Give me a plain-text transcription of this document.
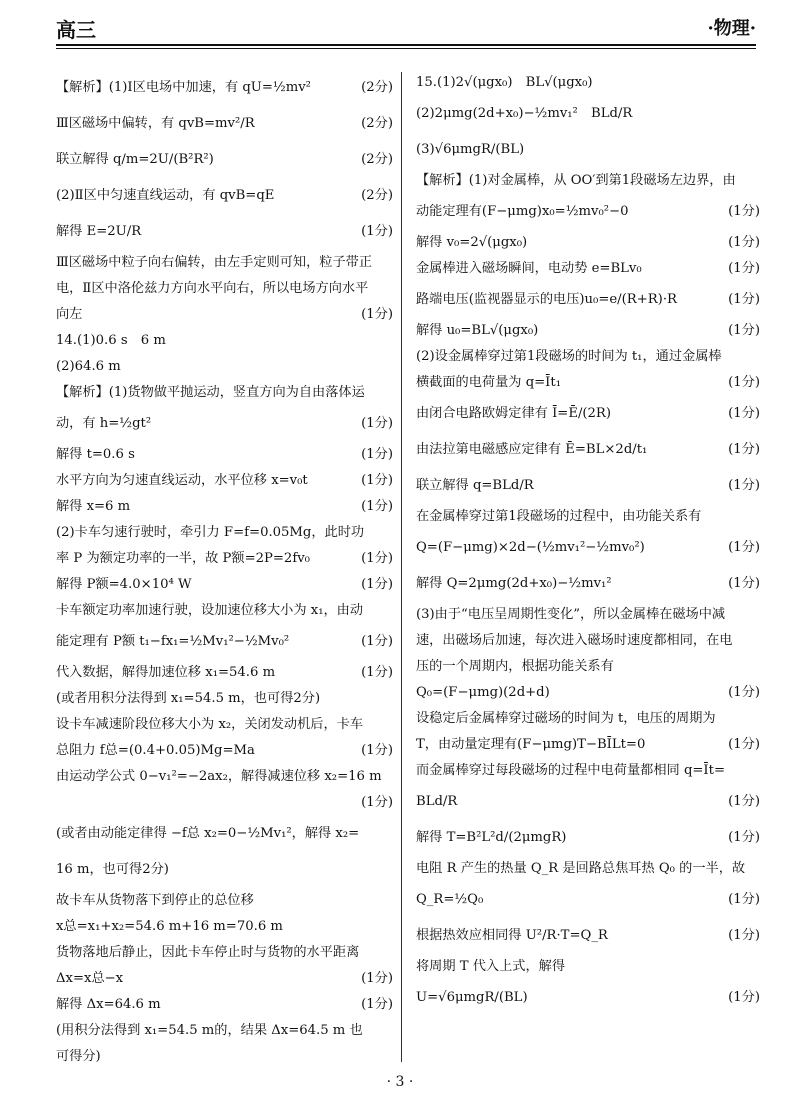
高三	·物理·
【解析】(1)Ⅰ区电场中加速，有 qU=½mv²	(2分)
Ⅲ区磁场中偏转，有 qvB=mv²/R	(2分)
联立解得 q/m=2U/(B²R²)	(2分)
(2)Ⅱ区中匀速直线运动，有 qvB=qE	(2分)
解得 E=2U/R	(1分)
Ⅲ区磁场中粒子向右偏转，由左手定则可知，粒子带正
电，Ⅱ区中洛伦兹力方向水平向右，所以电场方向水平
向左	(1分)
14.(1)0.6 s　6 m
(2)64.6 m
【解析】(1)货物做平抛运动，竖直方向为自由落体运
动，有 h=½gt²	(1分)
解得 t=0.6 s	(1分)
水平方向为匀速直线运动，水平位移 x=v₀t	(1分)
解得 x=6 m	(1分)
(2)卡车匀速行驶时，牵引力 F=f=0.05Mg，此时功
率 P 为额定功率的一半，故 P额=2P=2fv₀	(1分)
解得 P额=4.0×10⁴ W	(1分)
卡车额定功率加速行驶，设加速位移大小为 x₁，由动
能定理有 P额 t₁−fx₁=½Mv₁²−½Mv₀²	(1分)
代入数据，解得加速位移 x₁=54.6 m	(1分)
(或者用积分法得到 x₁=54.5 m，也可得2分)
设卡车减速阶段位移大小为 x₂，关闭发动机后，卡车
总阻力 f总=(0.4+0.05)Mg=Ma	(1分)
由运动学公式 0−v₁²=−2ax₂，解得减速位移 x₂=16 m
(1分)
(或者由动能定律得 −f总 x₂=0−½Mv₁²，解得 x₂=
16 m，也可得2分)
故卡车从货物落下到停止的总位移
x总=x₁+x₂=54.6 m+16 m=70.6 m
货物落地后静止，因此卡车停止时与货物的水平距离
Δx=x总−x	(1分)
解得 Δx=64.6 m	(1分)
(用积分法得到 x₁=54.5 m的，结果 Δx=64.5 m 也
可得分)
15.(1)2√(μgx₀)　BL√(μgx₀)
(2)2μmg(2d+x₀)−½mv₁²　BLd/R
(3)√6μmgR/(BL)
【解析】(1)对金属棒，从 OO′到第1段磁场左边界，由
动能定理有(F−μmg)x₀=½mv₀²−0	(1分)
解得 v₀=2√(μgx₀)	(1分)
金属棒进入磁场瞬间，电动势 e=BLv₀	(1分)
路端电压(监视器显示的电压)u₀=e/(R+R)·R	(1分)
解得 u₀=BL√(μgx₀)	(1分)
(2)设金属棒穿过第1段磁场的时间为 t₁，通过金属棒
横截面的电荷量为 q=Īt₁	(1分)
由闭合电路欧姆定律有 Ī=Ē/(2R)	(1分)
由法拉第电磁感应定律有 Ē=BL×2d/t₁	(1分)
联立解得 q=BLd/R	(1分)
在金属棒穿过第1段磁场的过程中，由功能关系有
Q=(F−μmg)×2d−(½mv₁²−½mv₀²)	(1分)
解得 Q=2μmg(2d+x₀)−½mv₁²	(1分)
(3)由于“电压呈周期性变化”，所以金属棒在磁场中减
速，出磁场后加速，每次进入磁场时速度都相同，在电
压的一个周期内，根据功能关系有
Q₀=(F−μmg)(2d+d)	(1分)
设稳定后金属棒穿过磁场的时间为 t，电压的周期为
T，由动量定理有(F−μmg)T−BĪLt=0	(1分)
而金属棒穿过每段磁场的过程中电荷量都相同 q=Īt=
BLd/R	(1分)
解得 T=B²L²d/(2μmgR)	(1分)
电阻 R 产生的热量 Q_R 是回路总焦耳热 Q₀ 的一半，故
Q_R=½Q₀	(1分)
根据热效应相同得 U²/R·T=Q_R	(1分)
将周期 T 代入上式，解得
U=√6μmgR/(BL)	(1分)
· 3 ·
